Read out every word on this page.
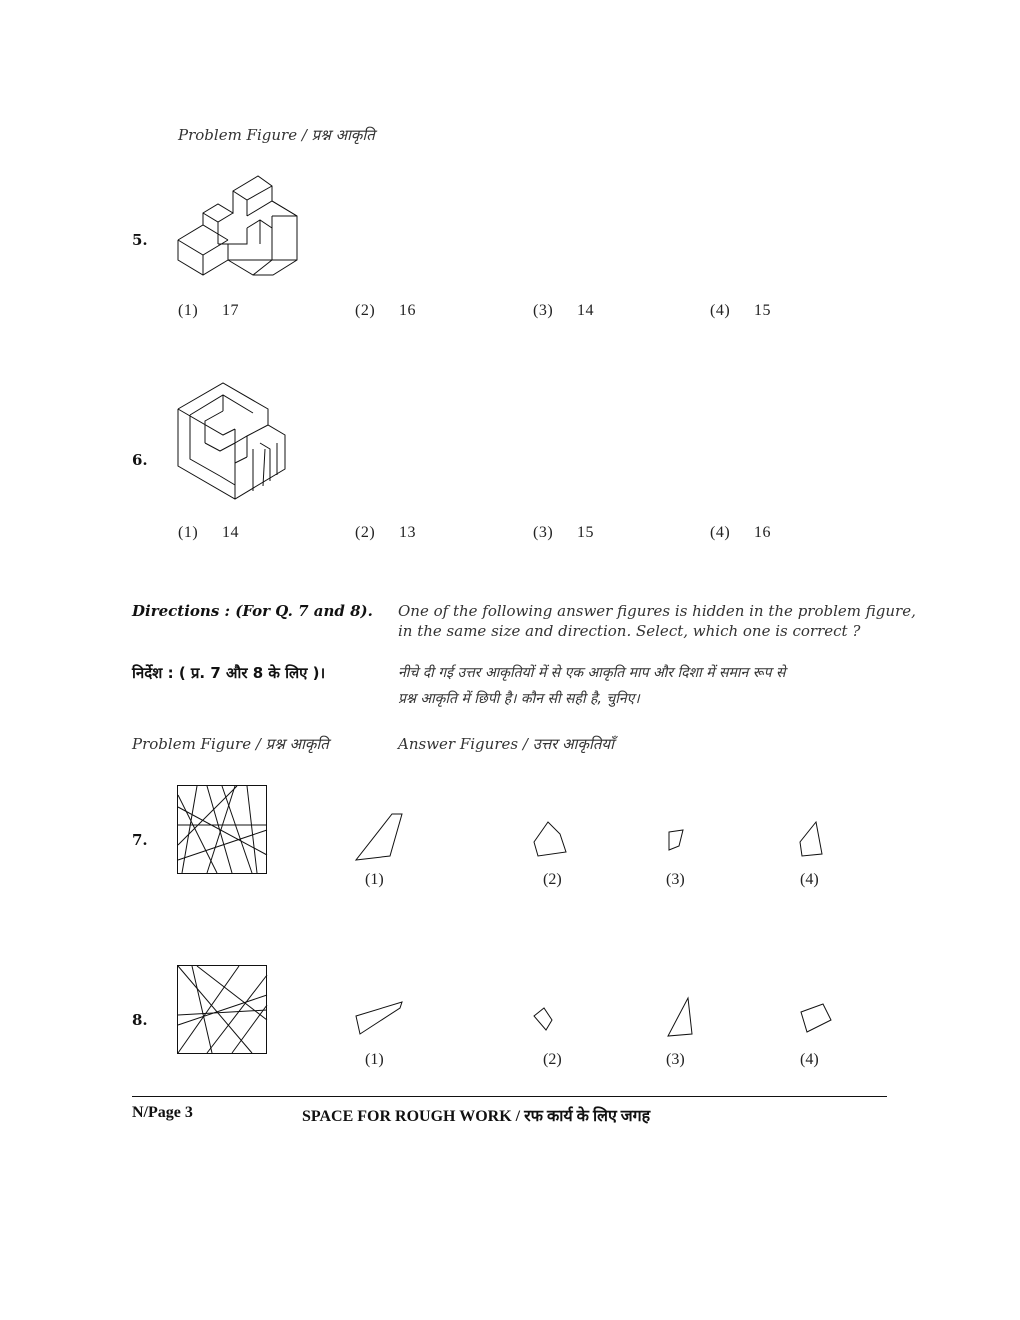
Problem Figure / प्रश्न आकृति
5.
(1) 17	(2) 16	(3) 14	(4) 15
6.
(1) 14	(2) 13	(3) 15	(4) 16
Directions : (For Q. 7 and 8). One of the following answer figures is hidden in the problem figure,
in the same size and direction. Select, which one is correct ?
निर्देश : ( प्र. 7 और 8 के लिए )।	नीचे दी गई उत्तर आकृतियों में से एक आकृति माप और दिशा में समान रूप से
प्रश्न आकृति में छिपी है। कौन सी सही है, चुनिए।
Problem Figure / प्रश्न आकृति	Answer Figures / उत्तर आकृतियाँ
7.
(1)	(2)	(3)	(4)
8.
(1)	(2)	(3)	(4)
N/Page 3	SPACE FOR ROUGH WORK / रफ कार्य के लिए जगह
